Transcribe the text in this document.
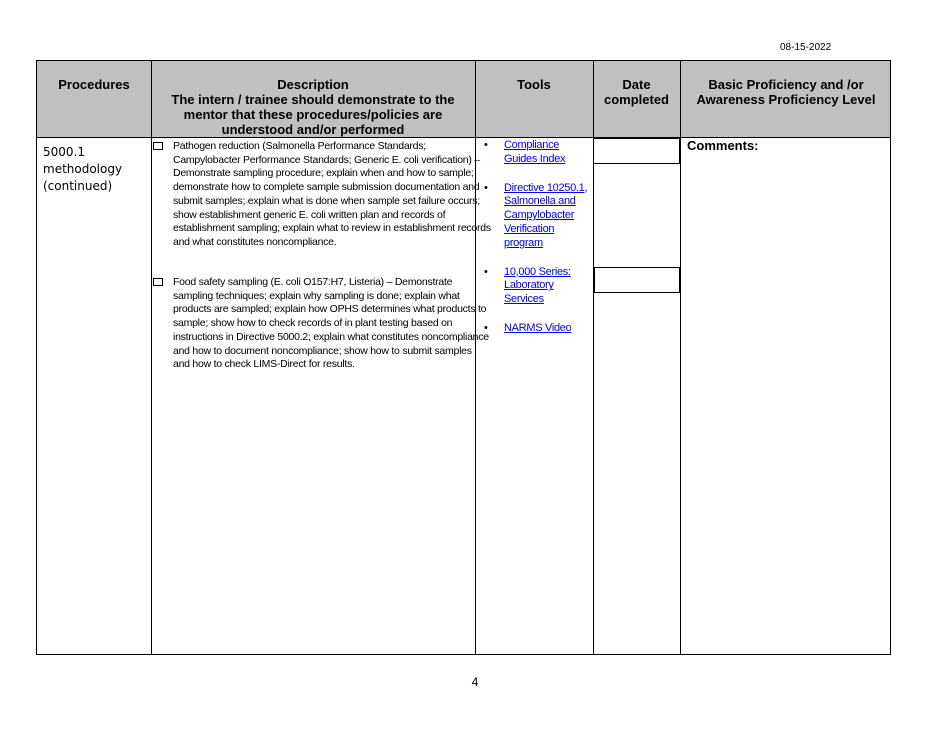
08-15-2022
Procedures	Description
The intern / trainee should demonstrate to the mentor that these procedures/policies are understood and/or performed
Tools	Date completed
Basic Proficiency and /or Awareness Proficiency Level
5000.1 methodology (continued)
Pathogen reduction (Salmonella Performance Standards; Campylobacter Performance Standards; Generic E. coli verification) – Demonstrate sampling procedure; explain when and how to sample; demonstrate how to complete sample submission documentation and submit samples; explain what is done when sample set failure occurs; show establishment generic E. coli written plan and records of establishment sampling; explain what to review in establishment records and what constitutes noncompliance.
Food safety sampling (E. coli O157:H7, Listeria) – Demonstrate sampling techniques; explain why sampling is done; explain what products are sampled; explain how OPHS determines what products to sample; show how to check records of in plant testing based on instructions in Directive 5000.2; explain what constitutes noncompliance and how to document noncompliance; show how to submit samples and how to check LIMS-Direct for results.
• Compliance Guides Index
• Directive 10250.1, Salmonella and Campylobacter Verification program
• 10,000 Series: Laboratory Services
• NARMS Video
Comments:
4
